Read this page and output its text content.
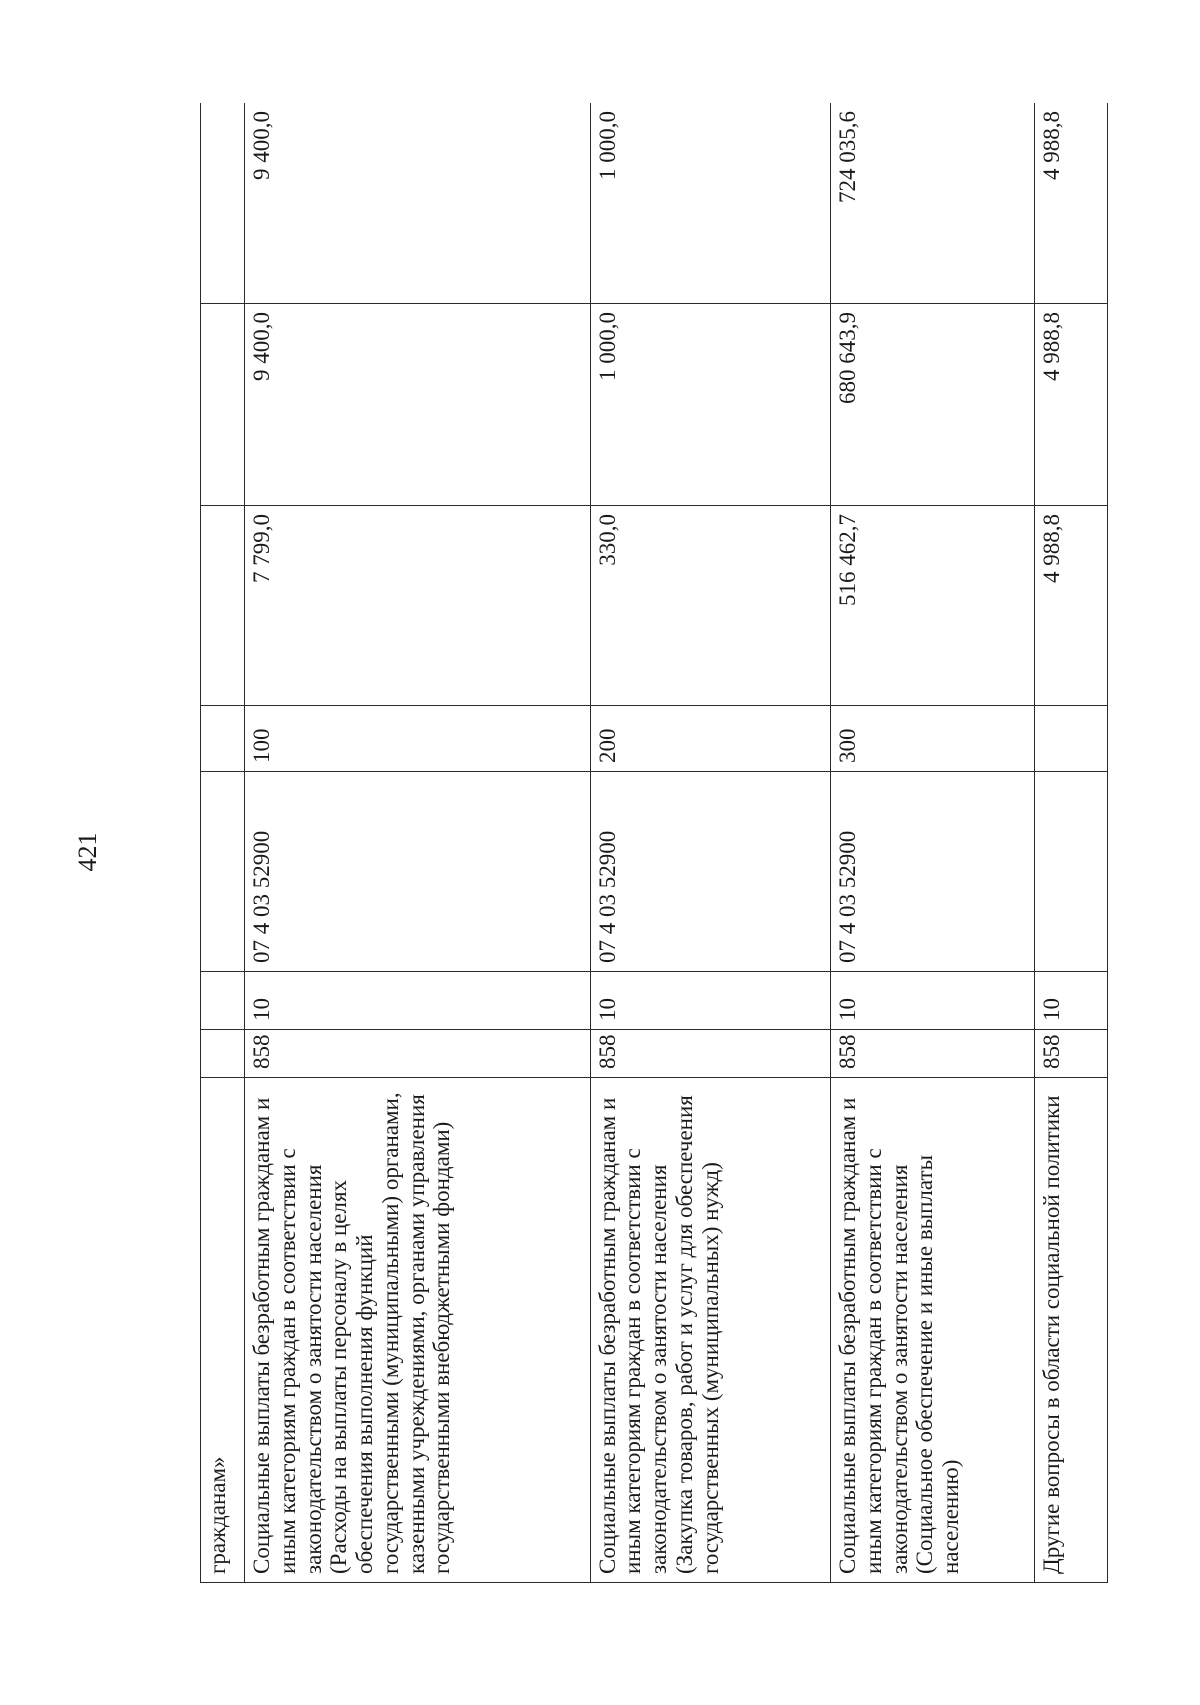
421
гражданам»							
Социальные выплаты безработным гражданам и иным категориям граждан в соответствии с законодательством о занятости населения (Расходы на выплаты персоналу в целях обеспечения выполнения функций государственными (муниципальными) органами, казенными учреждениями, органами управления государственными внебюджетными фондами)	858	10	07 4 03 52900	100	7 799,0	9 400,0	9 400,0
Социальные выплаты безработным гражданам и иным категориям граждан в соответствии с законодательством о занятости населения (Закупка товаров, работ и услуг для обеспечения государственных (муниципальных) нужд)	858	10	07 4 03 52900	200	330,0	1 000,0	1 000,0
Социальные выплаты безработным гражданам и иным категориям граждан в соответствии с законодательством о занятости населения (Социальное обеспечение и иные выплаты населению)	858	10	07 4 03 52900	300	516 462,7	680 643,9	724 035,6
Другие вопросы в области социальной политики	858	10			4 988,8	4 988,8	4 988,8
